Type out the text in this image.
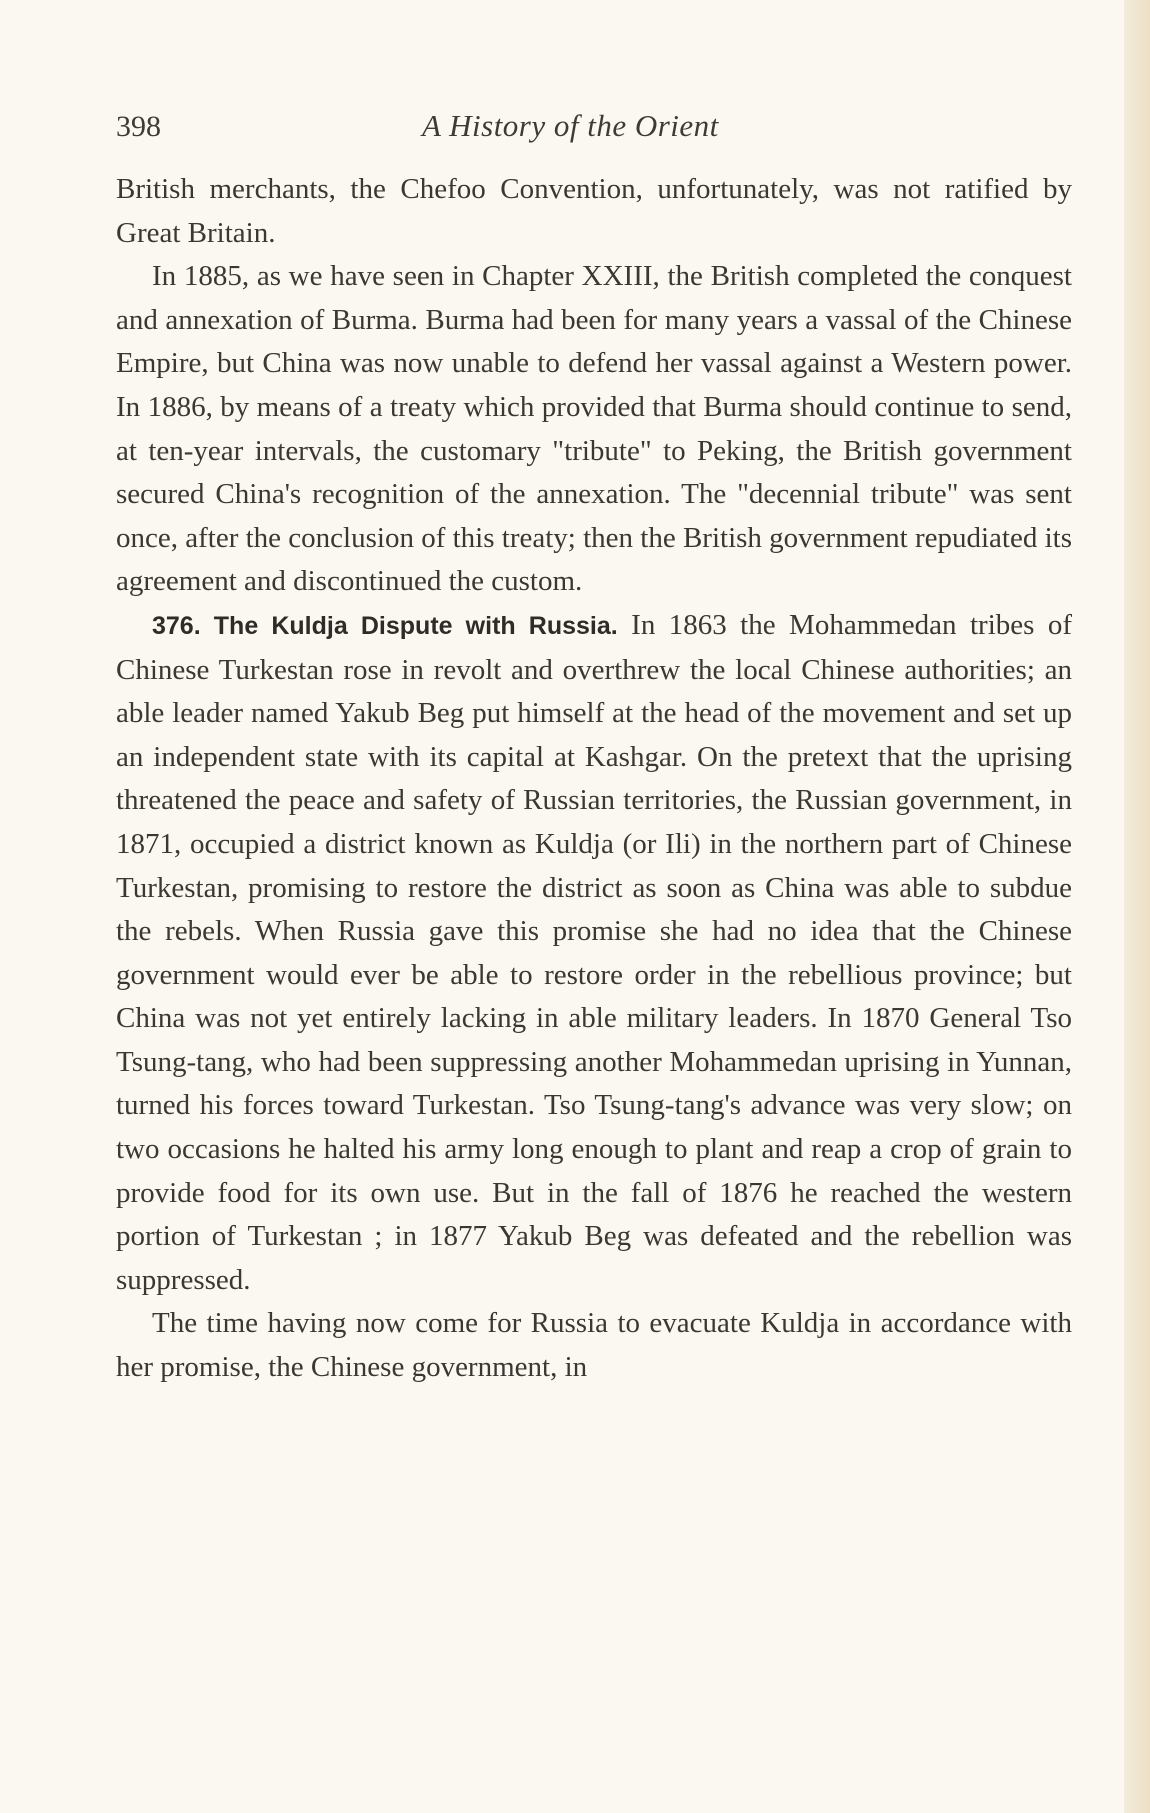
398	A History of the Orient

British merchants, the Chefoo Convention, unfortunately, was not ratified by Great Britain.

In 1885, as we have seen in Chapter XXIII, the British completed the conquest and annexation of Burma. Burma had been for many years a vassal of the Chinese Empire, but China was now unable to defend her vassal against a Western power. In 1886, by means of a treaty which provided that Burma should continue to send, at ten-year intervals, the customary "tribute" to Peking, the British government secured China's recognition of the annexation. The "decennial tribute" was sent once, after the conclusion of this treaty; then the British government repudiated its agreement and discontinued the custom.

376. The Kuldja Dispute with Russia. In 1863 the Mohammedan tribes of Chinese Turkestan rose in revolt and overthrew the local Chinese authorities; an able leader named Yakub Beg put himself at the head of the movement and set up an independent state with its capital at Kashgar. On the pretext that the uprising threatened the peace and safety of Russian territories, the Russian government, in 1871, occupied a district known as Kuldja (or Ili) in the northern part of Chinese Turkestan, promising to restore the district as soon as China was able to subdue the rebels. When Russia gave this promise she had no idea that the Chinese government would ever be able to restore order in the rebellious province; but China was not yet entirely lacking in able military leaders. In 1870 General Tso Tsung-tang, who had been suppressing another Mohammedan uprising in Yunnan, turned his forces toward Turkestan. Tso Tsung-tang's advance was very slow; on two occasions he halted his army long enough to plant and reap a crop of grain to provide food for its own use. But in the fall of 1876 he reached the western portion of Turkestan ; in 1877 Yakub Beg was defeated and the rebellion was suppressed.

The time having now come for Russia to evacuate Kuldja in accordance with her promise, the Chinese government, in
